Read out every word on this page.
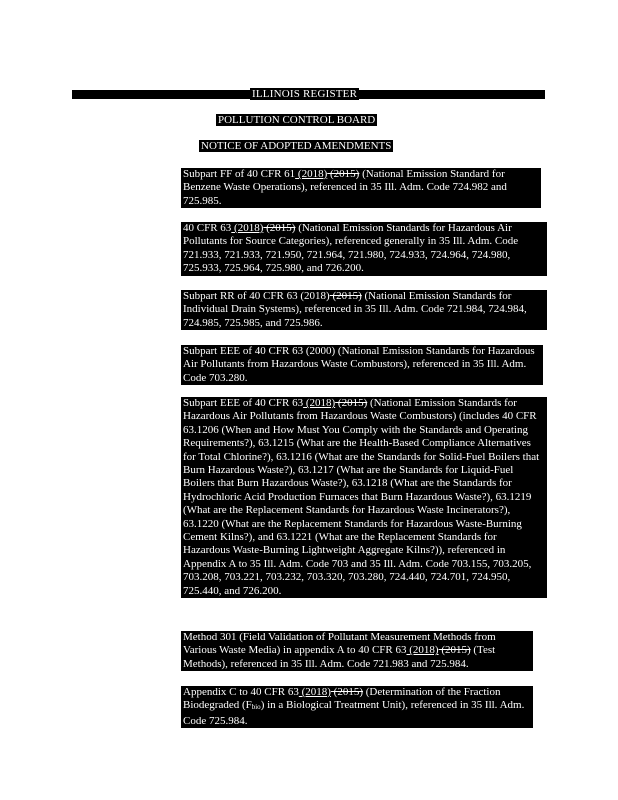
ILLINOIS REGISTER
POLLUTION CONTROL BOARD
NOTICE OF ADOPTED AMENDMENTS

Subpart FF of 40 CFR 61 (2018) (2015) (National Emission Standard for Benzene Waste Operations), referenced in 35 Ill. Adm. Code 724.982 and 725.985.

40 CFR 63 (2018) (2015) (National Emission Standards for Hazardous Air Pollutants for Source Categories), referenced generally in 35 Ill. Adm. Code 721.933, 721.933, 721.950, 721.964, 721.980, 724.933, 724.964, 724.980, 725.933, 725.964, 725.980, and 726.200.

Subpart RR of 40 CFR 63 (2018) (2015) (National Emission Standards for Individual Drain Systems), referenced in 35 Ill. Adm. Code 721.984, 724.984, 724.985, 725.985, and 725.986.

Subpart EEE of 40 CFR 63 (2000) (National Emission Standards for Hazardous Air Pollutants from Hazardous Waste Combustors), referenced in 35 Ill. Adm. Code 703.280.

Subpart EEE of 40 CFR 63 (2018) (2015) (National Emission Standards for Hazardous Air Pollutants from Hazardous Waste Combustors) (includes 40 CFR 63.1206 (When and How Must You Comply with the Standards and Operating Requirements?), 63.1215 (What are the Health-Based Compliance Alternatives for Total Chlorine?), 63.1216 (What are the Standards for Solid-Fuel Boilers that Burn Hazardous Waste?), 63.1217 (What are the Standards for Liquid-Fuel Boilers that Burn Hazardous Waste?), 63.1218 (What are the Standards for Hydrochloric Acid Production Furnaces that Burn Hazardous Waste?), 63.1219 (What are the Replacement Standards for Hazardous Waste Incinerators?), 63.1220 (What are the Replacement Standards for Hazardous Waste-Burning Cement Kilns?), and 63.1221 (What are the Replacement Standards for Hazardous Waste-Burning Lightweight Aggregate Kilns?)), referenced in Appendix A to 35 Ill. Adm. Code 703 and 35 Ill. Adm. Code 703.155, 703.205, 703.208, 703.221, 703.232, 703.320, 703.280, 724.440, 724.701, 724.950, 725.440, and 726.200.

Method 301 (Field Validation of Pollutant Measurement Methods from Various Waste Media) in appendix A to 40 CFR 63 (2018) (2015) (Test Methods), referenced in 35 Ill. Adm. Code 721.983 and 725.984.

Appendix C to 40 CFR 63 (2018) (2015) (Determination of the Fraction Biodegraded (Fbio) in a Biological Treatment Unit), referenced in 35 Ill. Adm. Code 725.984.
